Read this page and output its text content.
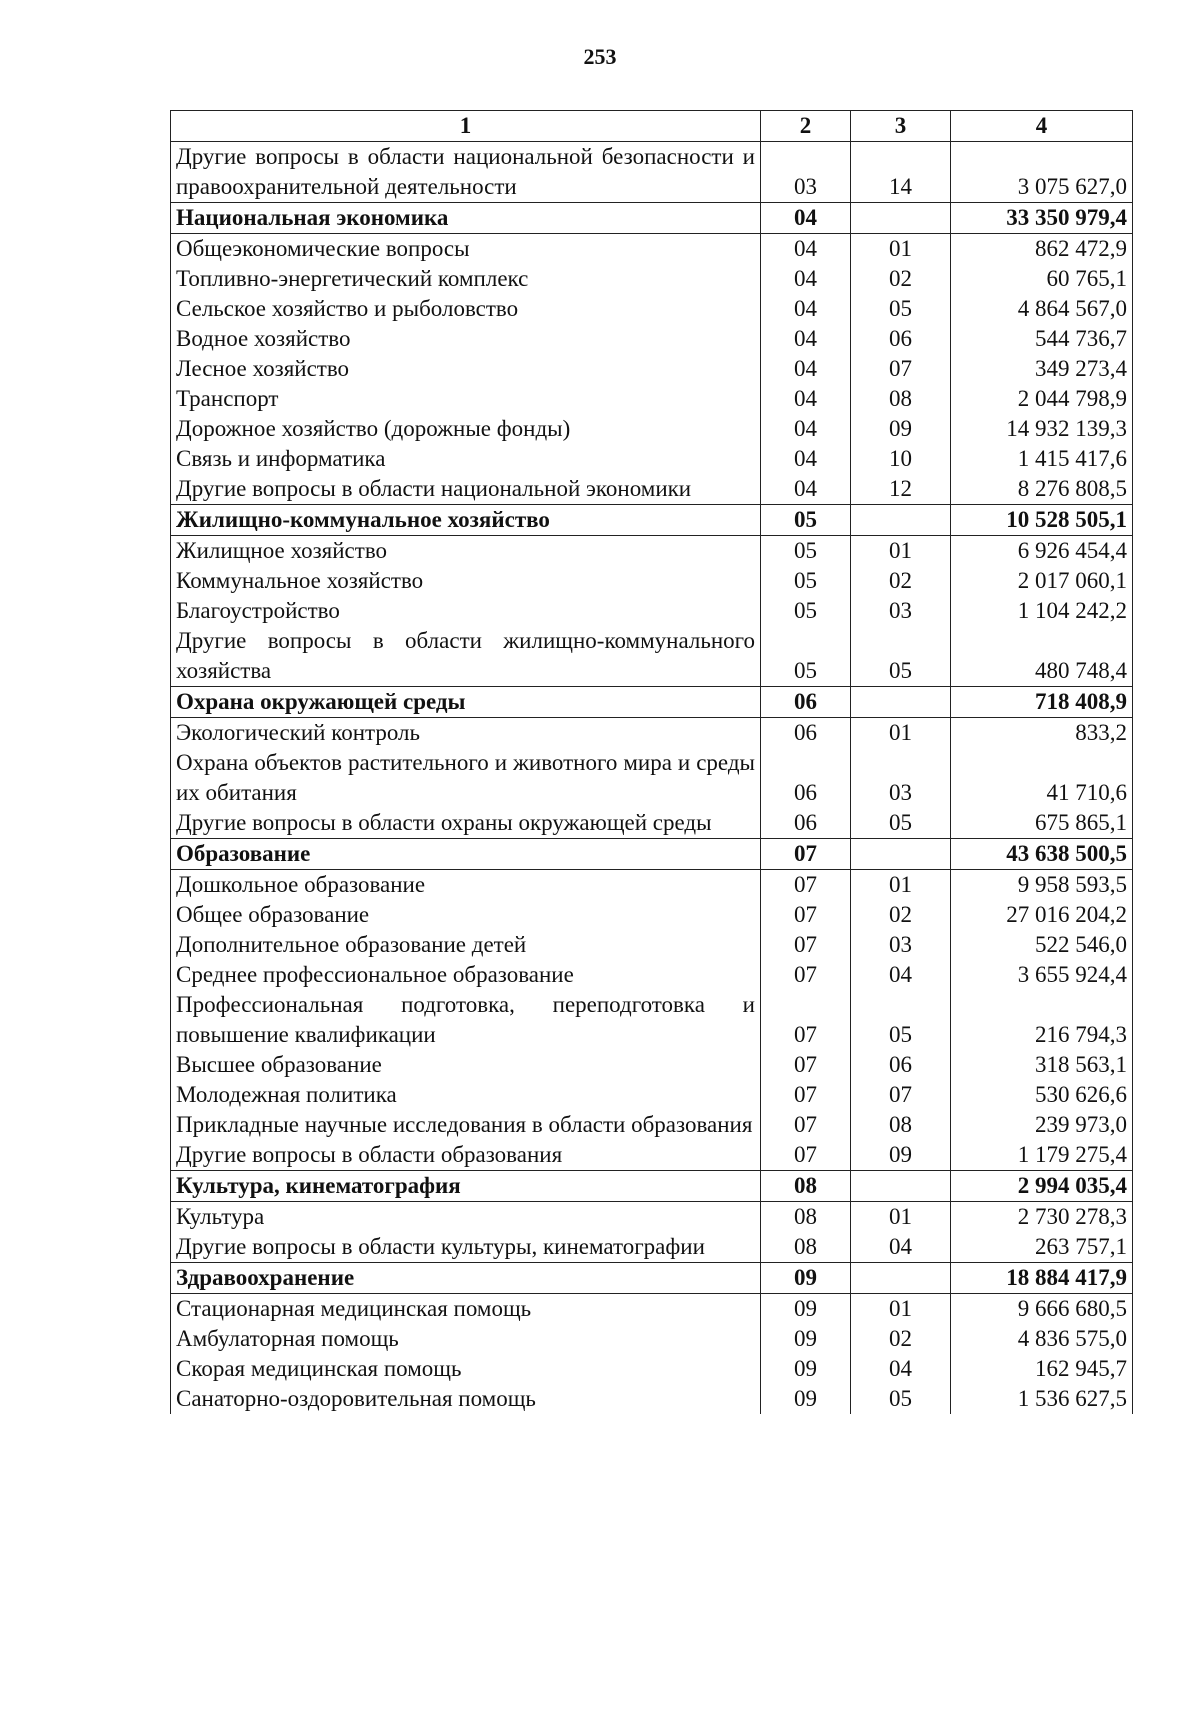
253
1	2	3	4
Другие вопросы в области национальной безопасности и правоохранительной деятельности	03	14	3 075 627,0
Национальная экономика	04		33 350 979,4
Общеэкономические вопросы	04	01	862 472,9
Топливно-энергетический комплекс	04	02	60 765,1
Сельское хозяйство и рыболовство	04	05	4 864 567,0
Водное хозяйство	04	06	544 736,7
Лесное хозяйство	04	07	349 273,4
Транспорт	04	08	2 044 798,9
Дорожное хозяйство (дорожные фонды)	04	09	14 932 139,3
Связь и информатика	04	10	1 415 417,6
Другие вопросы в области национальной экономики	04	12	8 276 808,5
Жилищно-коммунальное хозяйство	05		10 528 505,1
Жилищное хозяйство	05	01	6 926 454,4
Коммунальное хозяйство	05	02	2 017 060,1
Благоустройство	05	03	1 104 242,2
Другие вопросы в области жилищно-коммунального хозяйства	05	05	480 748,4
Охрана окружающей среды	06		718 408,9
Экологический контроль	06	01	833,2
Охрана объектов растительного и животного мира и среды их обитания	06	03	41 710,6
Другие вопросы в области охраны окружающей среды	06	05	675 865,1
Образование	07		43 638 500,5
Дошкольное образование	07	01	9 958 593,5
Общее образование	07	02	27 016 204,2
Дополнительное образование детей	07	03	522 546,0
Среднее профессиональное образование	07	04	3 655 924,4
Профессиональная подготовка, переподготовка и повышение квалификации	07	05	216 794,3
Высшее образование	07	06	318 563,1
Молодежная политика	07	07	530 626,6
Прикладные научные исследования в области образования	07	08	239 973,0
Другие вопросы в области образования	07	09	1 179 275,4
Культура, кинематография	08		2 994 035,4
Культура	08	01	2 730 278,3
Другие вопросы в области культуры, кинематографии	08	04	263 757,1
Здравоохранение	09		18 884 417,9
Стационарная медицинская помощь	09	01	9 666 680,5
Амбулаторная помощь	09	02	4 836 575,0
Скорая медицинская помощь	09	04	162 945,7
Санаторно-оздоровительная помощь	09	05	1 536 627,5
